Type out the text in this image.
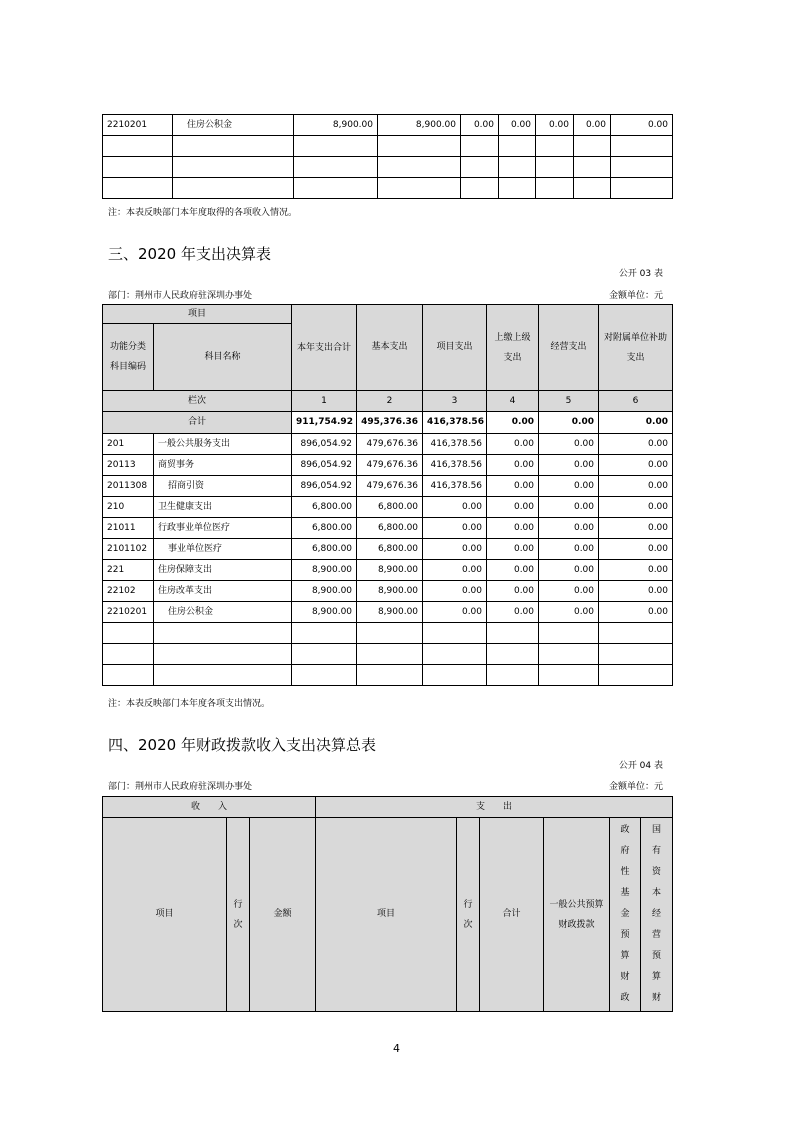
2210201	住房公积金	8,900.00	8,900.00	0.00	0.00	0.00	0.00	0.00

注：本表反映部门本年度取得的各项收入情况。
三、2020 年支出决算表
公开 03 表
部门：荆州市人民政府驻深圳办事处	金额单位：元
项目		本年支出合计	基本支出	项目支出	上缴上级支出	经营支出	对附属单位补助支出
功能分类科目编码	科目名称						
栏次		1	2	3	4	5	6
合计		911,754.92	495,376.36	416,378.56	0.00	0.00	0.00
201	一般公共服务支出	896,054.92	479,676.36	416,378.56	0.00	0.00	0.00
20113	商贸事务	896,054.92	479,676.36	416,378.56	0.00	0.00	0.00
2011308	招商引资	896,054.92	479,676.36	416,378.56	0.00	0.00	0.00
210	卫生健康支出	6,800.00	6,800.00	0.00	0.00	0.00	0.00
21011	行政事业单位医疗	6,800.00	6,800.00	0.00	0.00	0.00	0.00
2101102	事业单位医疗	6,800.00	6,800.00	0.00	0.00	0.00	0.00
221	住房保障支出	8,900.00	8,900.00	0.00	0.00	0.00	0.00
22102	住房改革支出	8,900.00	8,900.00	0.00	0.00	0.00	0.00
2210201	住房公积金	8,900.00	8,900.00	0.00	0.00	0.00	0.00

注：本表反映部门本年度各项支出情况。
四、2020 年财政拨款收入支出决算总表
公开 04 表
部门：荆州市人民政府驻深圳办事处	金额单位：元
收　　入			支　　出					
项目	行次	金额	项目	行次	合计	一般公共预算财政拨款	政府性基金预算财政	国有资本经营预算财
4
